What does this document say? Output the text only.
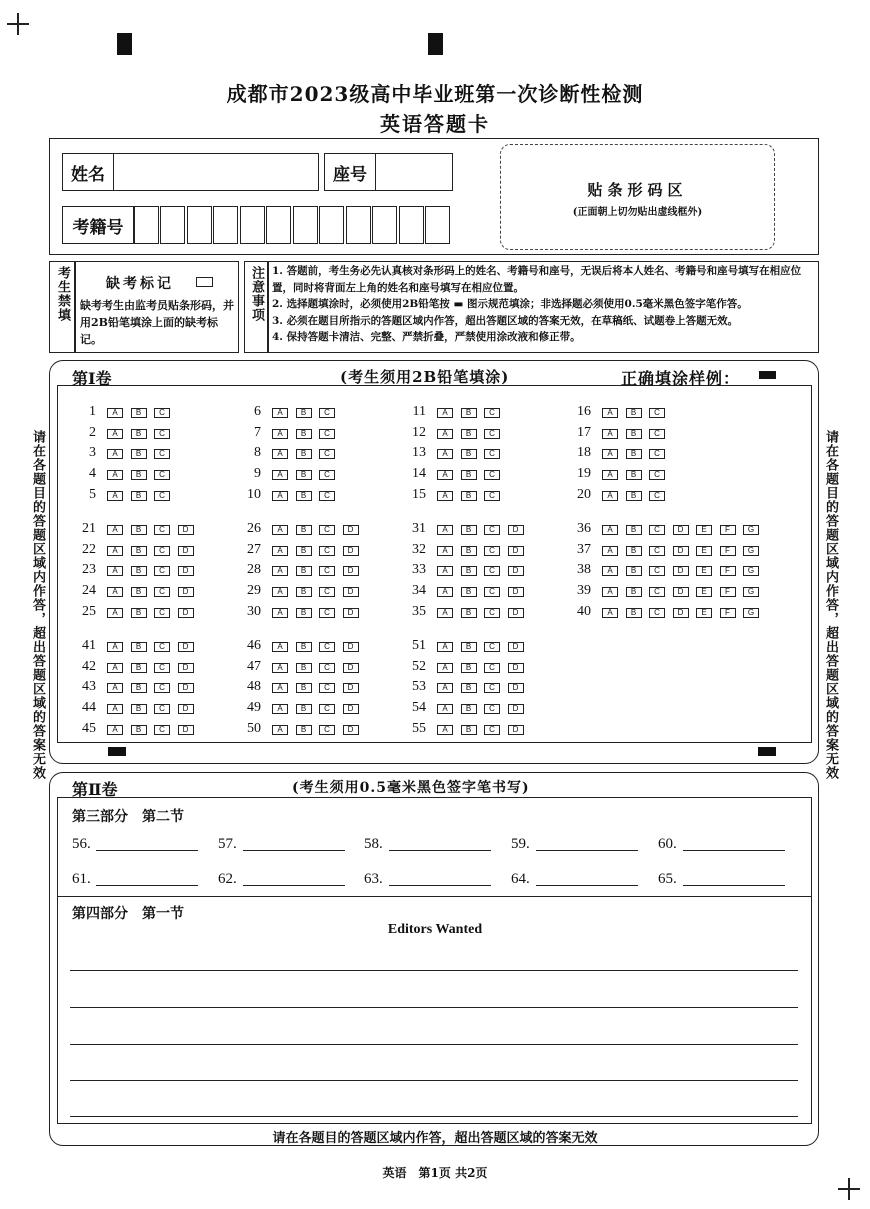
成都市2023级高中毕业班第一次诊断性检测
英语答题卡
姓名	座号
考籍号
贴条形码区
(正面朝上切勿贴出虚线框外)
考生禁填	缺考标记
缺考考生由监考员贴条形码，并用2B铅笔填涂上面的缺考标记。
注意事项 1. 答题前，考生务必先认真核对条形码上的姓名、考籍号和座号，无误后将本人姓名、考籍号和座号填写在相应位置，同时将背面左上角的姓名和座号填写在相应位置。
2. 选择题填涂时，必须使用2B铅笔按 ▬ 图示规范填涂；非选择题必须使用0.5毫米黑色签字笔作答。
3. 必须在题目所指示的答题区域内作答，超出答题区域的答案无效，在草稿纸、试题卷上答题无效。
4. 保持答题卡清洁、完整、严禁折叠，严禁使用涂改液和修正带。
请在各题目的答题区域内作答，超出答题区域的答案无效	请在各题目的答题区域内作答，超出答题区域的答案无效
第Ⅰ卷	(考生须用2B铅笔填涂)	正确填涂样例：
1	A	B	C
2	A	B	C
3	A	B	C
4	A	B	C
5	A	B	C
6	A	B	C
7	A	B	C
8	A	B	C
9	A	B	C
10	A	B	C
11	A	B	C
12	A	B	C
13	A	B	C
14	A	B	C
15	A	B	C
16	A	B	C
17	A	B	C
18	A	B	C
19	A	B	C
20	A	B	C
21	A	B	C	D
22	A	B	C	D
23	A	B	C	D
24	A	B	C	D
25	A	B	C	D
26	A	B	C	D
27	A	B	C	D
28	A	B	C	D
29	A	B	C	D
30	A	B	C	D
31	A	B	C	D
32	A	B	C	D
33	A	B	C	D
34	A	B	C	D
35	A	B	C	D
36	A	B	C	D	E	F	G
37	A	B	C	D	E	F	G
38	A	B	C	D	E	F	G
39	A	B	C	D	E	F	G
40	A	B	C	D	E	F	G
41	A	B	C	D
42	A	B	C	D
43	A	B	C	D
44	A	B	C	D
45	A	B	C	D
46	A	B	C	D
47	A	B	C	D
48	A	B	C	D
49	A	B	C	D
50	A	B	C	D
51	A	B	C	D
52	A	B	C	D
53	A	B	C	D
54	A	B	C	D
55	A	B	C	D
第Ⅱ卷	(考生须用0.5毫米黑色签字笔书写)
第三部分　第二节
56.	57.	58.	59.	60.
61.	62.	63.	64.	65.
第四部分　第一节
Editors Wanted
请在各题目的答题区域内作答，超出答题区域的答案无效
英语　第1页 共2页
